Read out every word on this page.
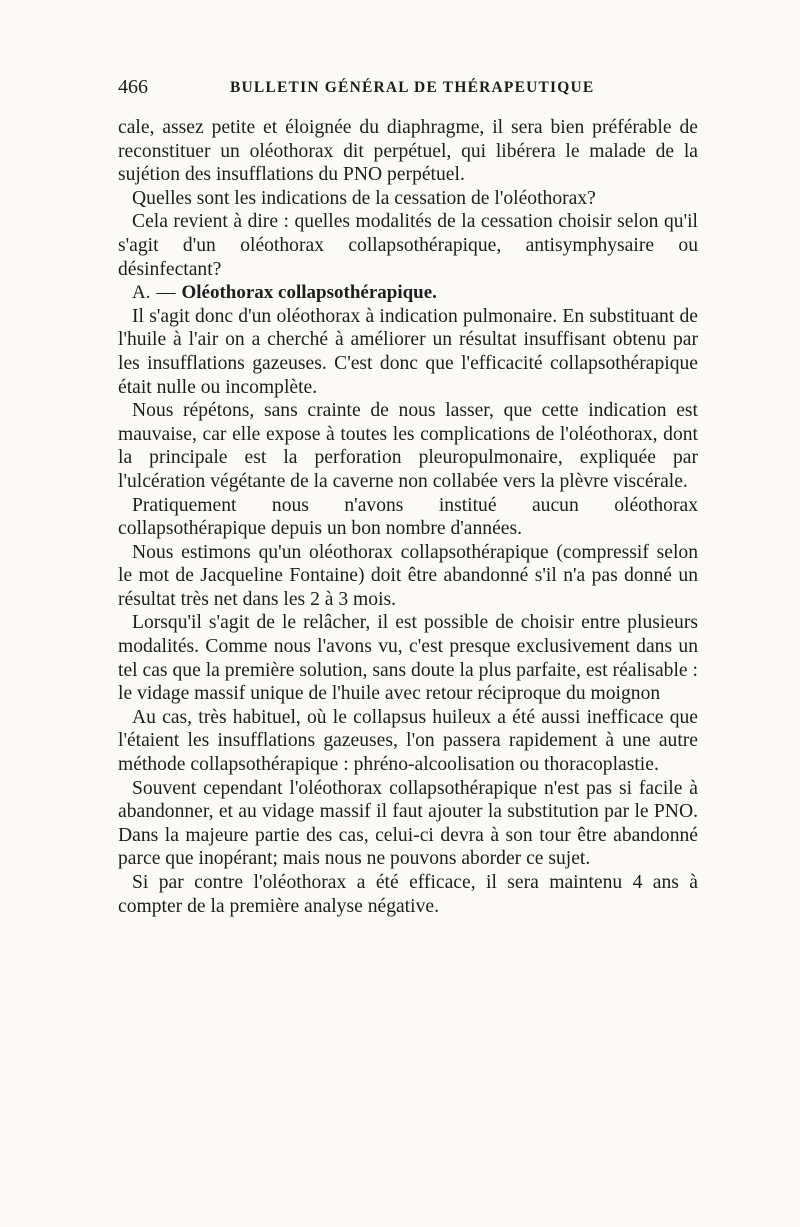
466	BULLETIN GÉNÉRAL DE THÉRAPEUTIQUE

cale, assez petite et éloignée du diaphragme, il sera bien préférable de reconstituer un oléothorax dit perpétuel, qui libérera le malade de la sujétion des insufflations du PNO perpétuel.

Quelles sont les indications de la cessation de l'oléothorax?

Cela revient à dire : quelles modalités de la cessation choisir selon qu'il s'agit d'un oléothorax collapsothérapique, antisymphysaire ou désinfectant?

A. — Oléothorax collapsothérapique.

Il s'agit donc d'un oléothorax à indication pulmonaire. En substituant de l'huile à l'air on a cherché à améliorer un résultat insuffisant obtenu par les insufflations gazeuses. C'est donc que l'efficacité collapsothérapique était nulle ou incomplète.

Nous répétons, sans crainte de nous lasser, que cette indication est mauvaise, car elle expose à toutes les complications de l'oléothorax, dont la principale est la perforation pleuropulmonaire, expliquée par l'ulcération végétante de la caverne non collabée vers la plèvre viscérale.

Pratiquement nous n'avons institué aucun oléothorax collapsothérapique depuis un bon nombre d'années.

Nous estimons qu'un oléothorax collapsothérapique (compressif selon le mot de Jacqueline Fontaine) doit être abandonné s'il n'a pas donné un résultat très net dans les 2 à 3 mois.

Lorsqu'il s'agit de le relâcher, il est possible de choisir entre plusieurs modalités. Comme nous l'avons vu, c'est presque exclusivement dans un tel cas que la première solution, sans doute la plus parfaite, est réalisable : le vidage massif unique de l'huile avec retour réciproque du moignon

Au cas, très habituel, où le collapsus huileux a été aussi inefficace que l'étaient les insufflations gazeuses, l'on passera rapidement à une autre méthode collapsothérapique : phréno-alcoolisation ou thoracoplastie.

Souvent cependant l'oléothorax collapsothérapique n'est pas si facile à abandonner, et au vidage massif il faut ajouter la substitution par le PNO. Dans la majeure partie des cas, celui-ci devra à son tour être abandonné parce que inopérant; mais nous ne pouvons aborder ce sujet.

Si par contre l'oléothorax a été efficace, il sera maintenu 4 ans à compter de la première analyse négative.
